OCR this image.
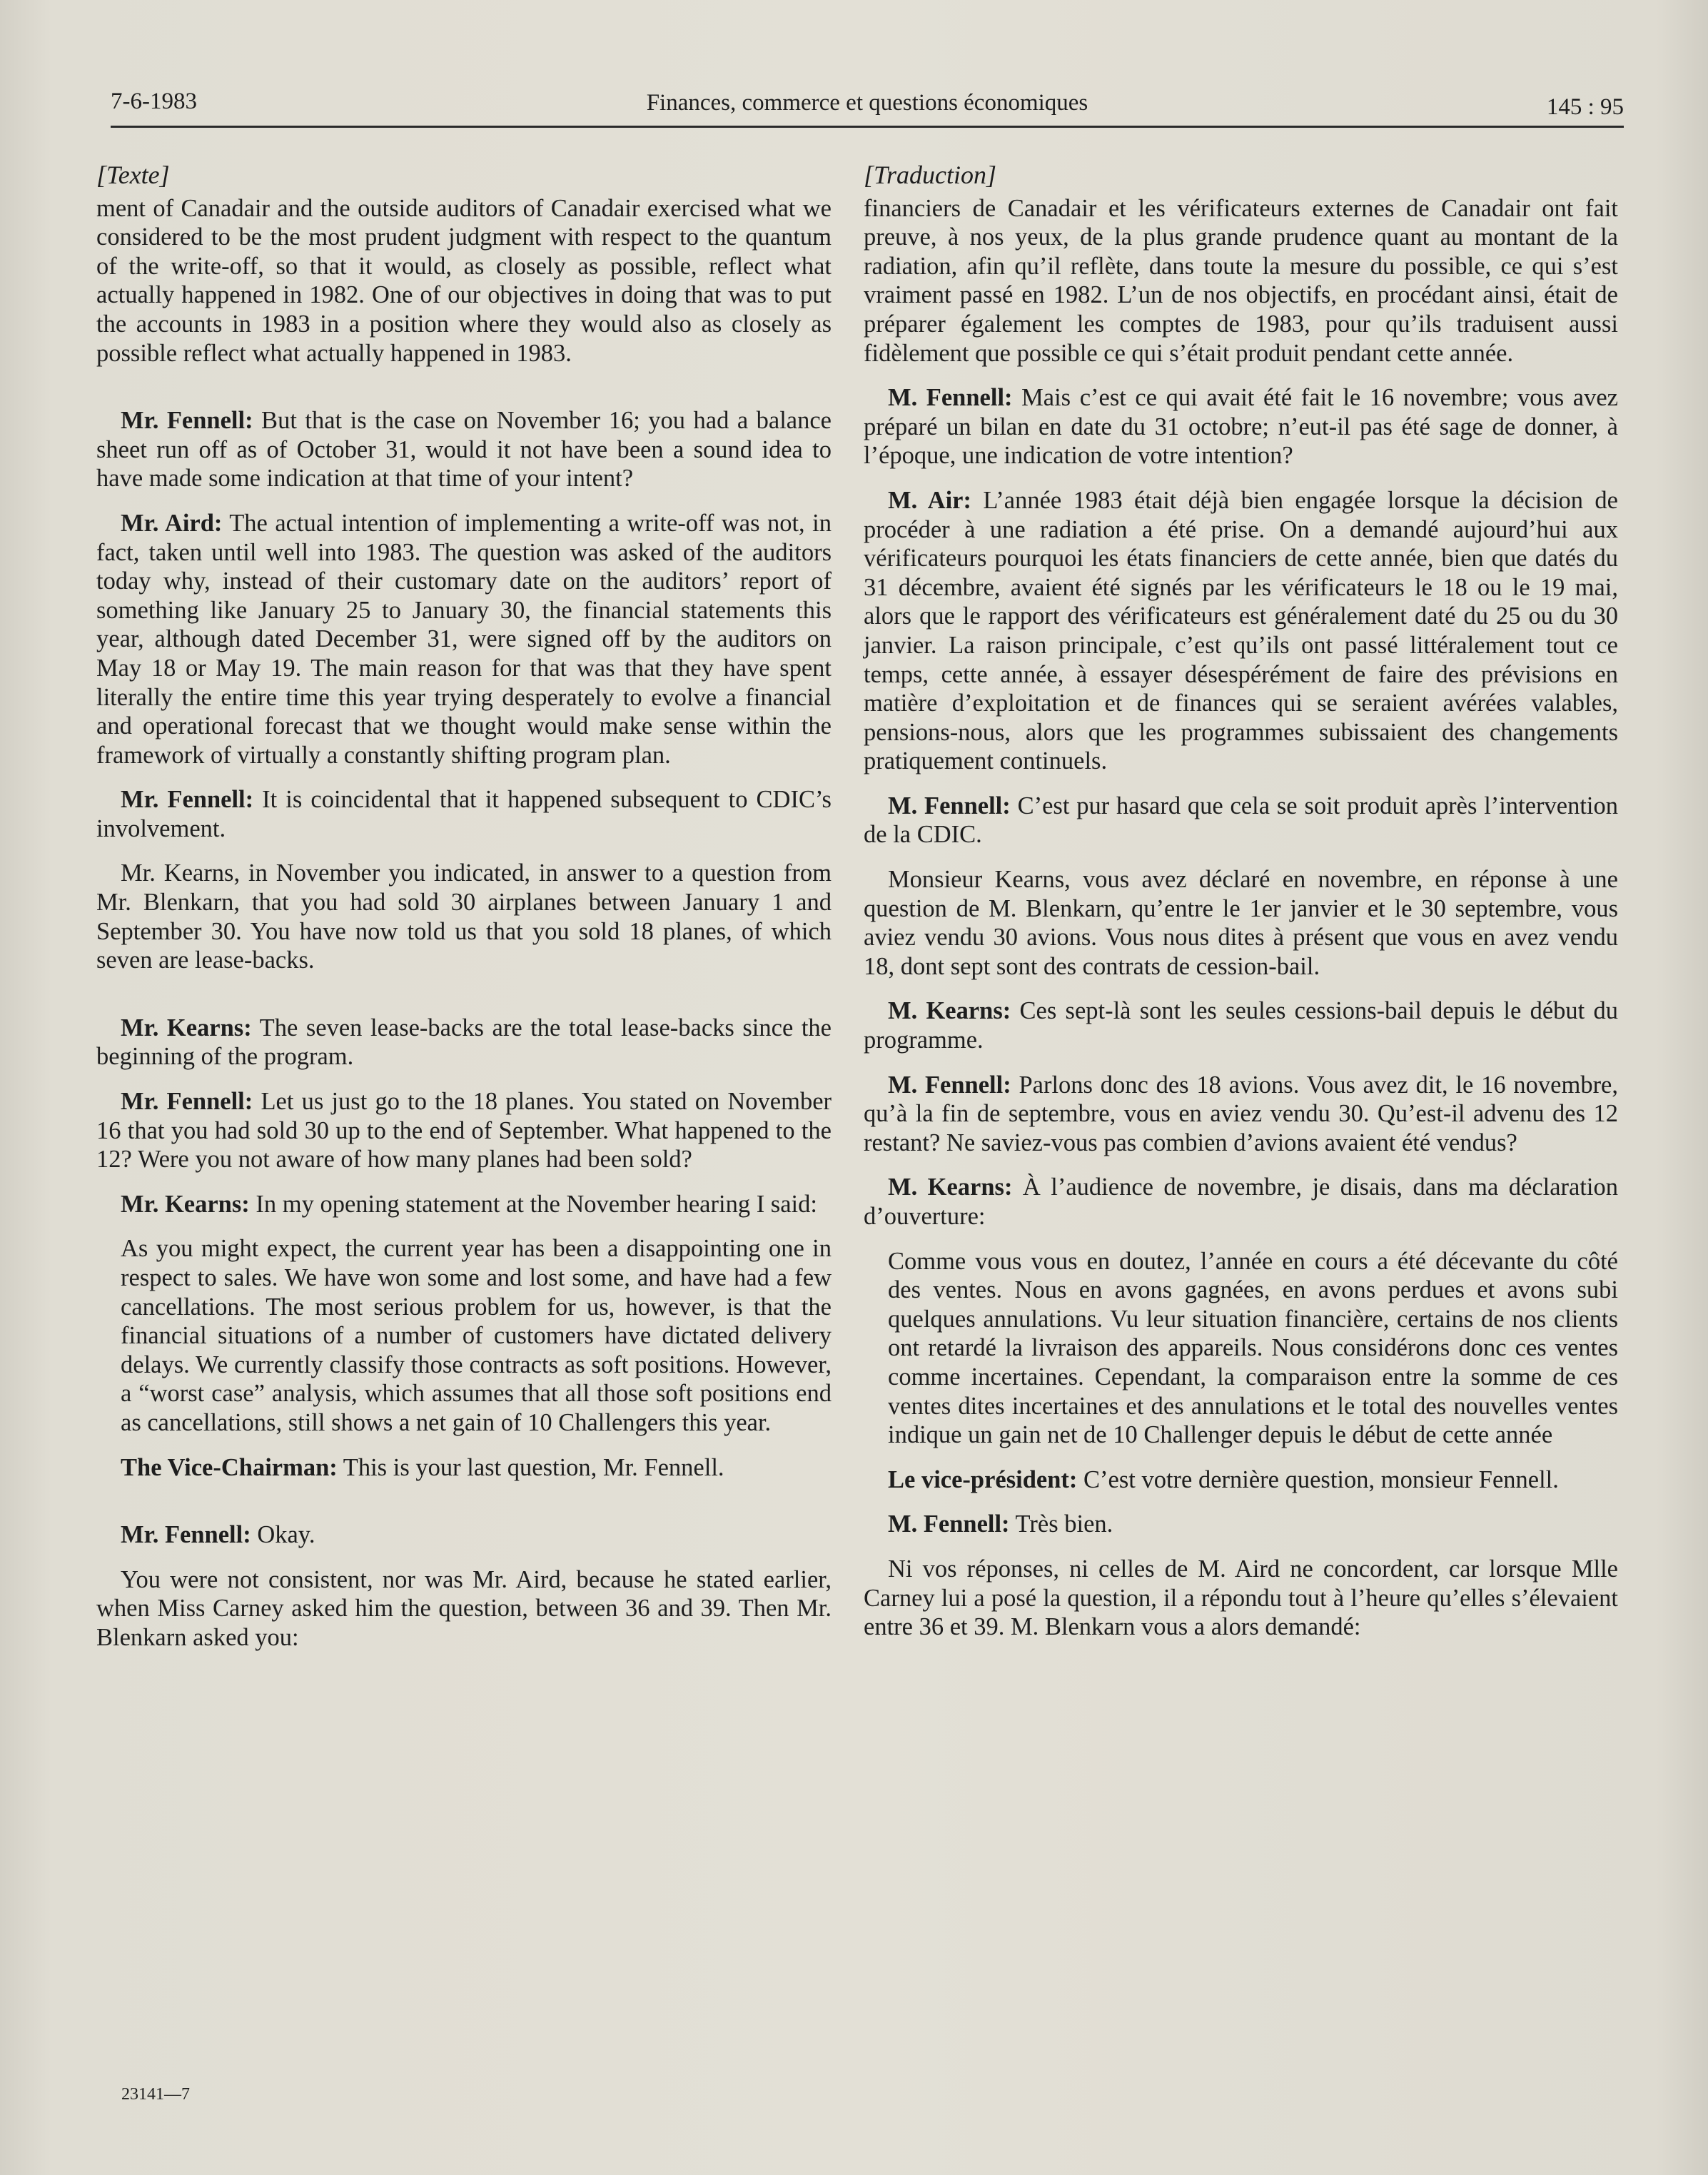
7-6-1983	Finances, commerce et questions économiques	145 : 95
[Texte]

ment of Canadair and the outside auditors of Canadair exercised what we considered to be the most prudent judgment with respect to the quantum of the write-off, so that it would, as closely as possible, reflect what actually happened in 1982. One of our objectives in doing that was to put the accounts in 1983 in a position where they would also as closely as possible reflect what actually happened in 1983.

Mr. Fennell: But that is the case on November 16; you had a balance sheet run off as of October 31, would it not have been a sound idea to have made some indication at that time of your intent?

Mr. Aird: The actual intention of implementing a write-off was not, in fact, taken until well into 1983. The question was asked of the auditors today why, instead of their customary date on the auditors’ report of something like January 25 to January 30, the financial statements this year, although dated December 31, were signed off by the auditors on May 18 or May 19. The main reason for that was that they have spent literally the entire time this year trying desperately to evolve a financial and operational forecast that we thought would make sense within the framework of virtually a constantly shifting program plan.

Mr. Fennell: It is coincidental that it happened subsequent to CDIC’s involvement.

Mr. Kearns, in November you indicated, in answer to a question from Mr. Blenkarn, that you had sold 30 airplanes between January 1 and September 30. You have now told us that you sold 18 planes, of which seven are lease-backs.

Mr. Kearns: The seven lease-backs are the total lease-backs since the beginning of the program.

Mr. Fennell: Let us just go to the 18 planes. You stated on November 16 that you had sold 30 up to the end of September. What happened to the 12? Were you not aware of how many planes had been sold?

Mr. Kearns: In my opening statement at the November hearing I said:

As you might expect, the current year has been a disappointing one in respect to sales. We have won some and lost some, and have had a few cancellations. The most serious problem for us, however, is that the financial situations of a number of customers have dictated delivery delays. We currently classify those contracts as soft positions. However, a “worst case” analysis, which assumes that all those soft positions end as cancellations, still shows a net gain of 10 Challengers this year.

The Vice-Chairman: This is your last question, Mr. Fennell.

Mr. Fennell: Okay.

You were not consistent, nor was Mr. Aird, because he stated earlier, when Miss Carney asked him the question, between 36 and 39. Then Mr. Blenkarn asked you:

[Traduction]

financiers de Canadair et les vérificateurs externes de Canadair ont fait preuve, à nos yeux, de la plus grande prudence quant au montant de la radiation, afin qu’il reflète, dans toute la mesure du possible, ce qui s’est vraiment passé en 1982. L’un de nos objectifs, en procédant ainsi, était de préparer également les comptes de 1983, pour qu’ils traduisent aussi fidèlement que possible ce qui s’était produit pendant cette année.

M. Fennell: Mais c’est ce qui avait été fait le 16 novembre; vous avez préparé un bilan en date du 31 octobre; n’eut-il pas été sage de donner, à l’époque, une indication de votre intention?

M. Air: L’année 1983 était déjà bien engagée lorsque la décision de procéder à une radiation a été prise. On a demandé aujourd’hui aux vérificateurs pourquoi les états financiers de cette année, bien que datés du 31 décembre, avaient été signés par les vérificateurs le 18 ou le 19 mai, alors que le rapport des vérificateurs est généralement daté du 25 ou du 30 janvier. La raison principale, c’est qu’ils ont passé littéralement tout ce temps, cette année, à essayer désespérément de faire des prévisions en matière d’exploitation et de finances qui se seraient avérées valables, pensions-nous, alors que les programmes subissaient des changements pratiquement continuels.

M. Fennell: C’est pur hasard que cela se soit produit après l’intervention de la CDIC.

Monsieur Kearns, vous avez déclaré en novembre, en réponse à une question de M. Blenkarn, qu’entre le 1er janvier et le 30 septembre, vous aviez vendu 30 avions. Vous nous dites à présent que vous en avez vendu 18, dont sept sont des contrats de cession-bail.

M. Kearns: Ces sept-là sont les seules cessions-bail depuis le début du programme.

M. Fennell: Parlons donc des 18 avions. Vous avez dit, le 16 novembre, qu’à la fin de septembre, vous en aviez vendu 30. Qu’est-il advenu des 12 restant? Ne saviez-vous pas combien d’avions avaient été vendus?

M. Kearns: À l’audience de novembre, je disais, dans ma déclaration d’ouverture:

Comme vous vous en doutez, l’année en cours a été décevante du côté des ventes. Nous en avons gagnées, en avons perdues et avons subi quelques annulations. Vu leur situation financière, certains de nos clients ont retardé la livraison des appareils. Nous considérons donc ces ventes comme incertaines. Cependant, la comparaison entre la somme de ces ventes dites incertaines et des annulations et le total des nouvelles ventes indique un gain net de 10 Challenger depuis le début de cette année

Le vice-président: C’est votre dernière question, monsieur Fennell.

M. Fennell: Très bien.

Ni vos réponses, ni celles de M. Aird ne concordent, car lorsque Mlle Carney lui a posé la question, il a répondu tout à l’heure qu’elles s’élevaient entre 36 et 39. M. Blenkarn vous a alors demandé:

23141—7
